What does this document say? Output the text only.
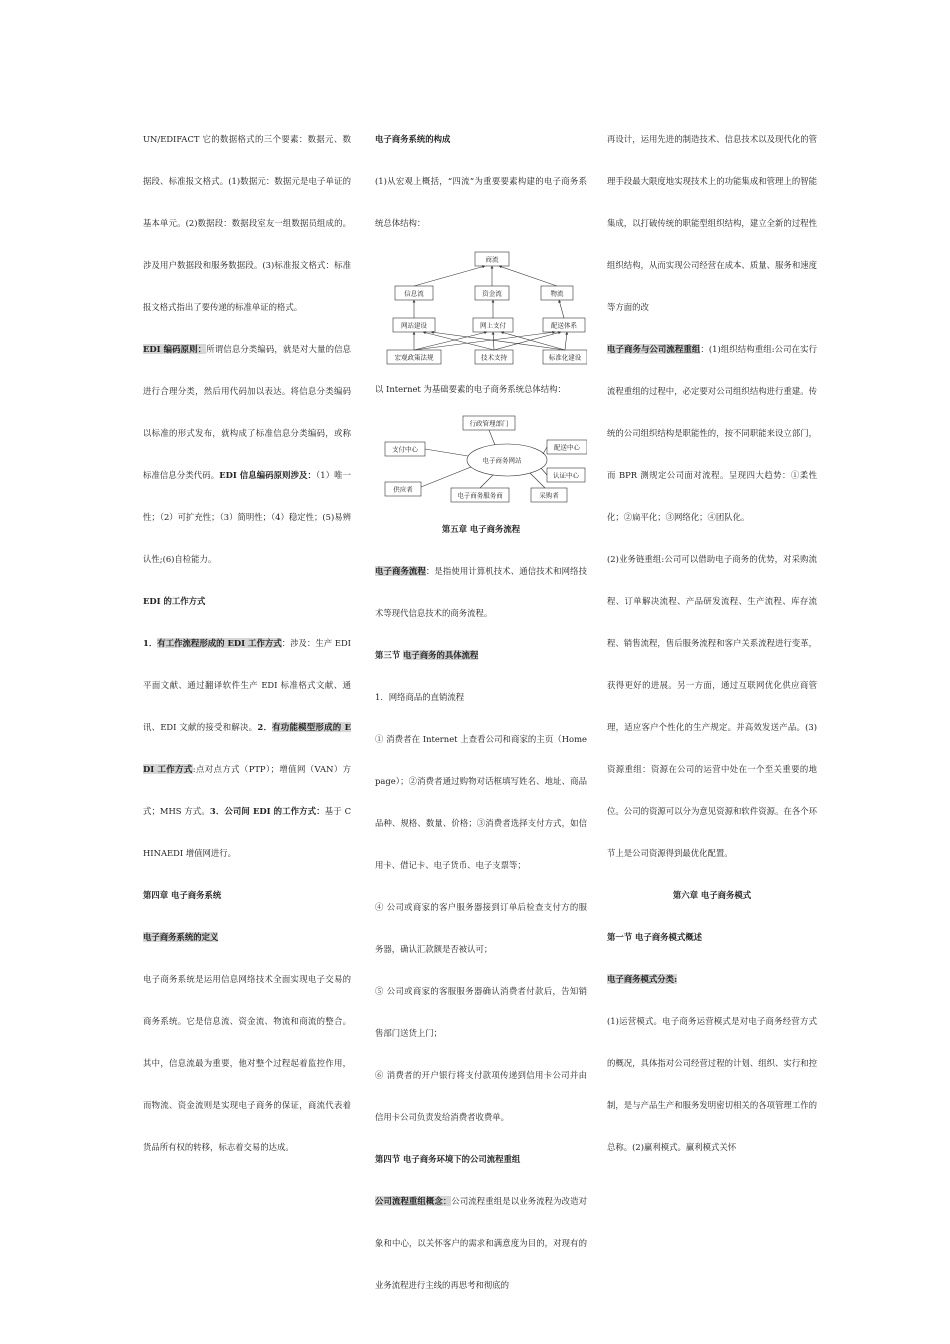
UN/EDIFACT 它的数据格式的三个要素：数据元、数据段、标准报文格式。(1)数据元：数据元是电子单证的基本单元。(2)数据段：数据段室友一组数据员组成的。涉及用户数据段和服务数据段。(3)标准报文格式：标准报文格式指出了要传递的标准单证的格式。

EDI 编码原则：所谓信息分类编码，就是对大量的信息进行合理分类，然后用代码加以表达。将信息分类编码以标准的形式发布，就构成了标准信息分类编码，或称标准信息分类代码。EDI 信息编码原则涉及：（1）唯一性；（2）可扩充性；（3）简明性；（4）稳定性；(5)易辨认性;(6)自检能力。

EDI 的工作方式

1．有工作流程形成的 EDI 工作方式：涉及：生产 EDI 平面文献、通过翻译软件生产 EDI 标准格式文献、通讯、EDI 文献的接受和解决。2．有功能模型形成的 EDI 工作方式:点对点方式（PTP）；增值网（VAN）方式；MHS 方式。3．公司间 EDI 的工作方式：基于 CHINAEDI 增值网进行。

第四章 电子商务系统

电子商务系统的定义

电子商务系统是运用信息网络技术全面实现电子交易的商务系统。它是信息流、资金流、物流和商流的整合。 其中，信息流最为重要，他对整个过程起着监控作用，而物流、资金流则是实现电子商务的保证，商流代表着货品所有权的转移，标志着交易的达成。

电子商务系统的构成

(1)从宏观上概括，“四流”为重要要素构建的电子商务系统总体结构：

商流
信息流	资金流	物流
网站建设	网上支付	配送体系
宏观政策法规	技术支持	标准化建设

以 Internet 为基础要素的电子商务系统总体结构：

电子商务网站
行政管理部门
支付中心
供应者
电子商务服务商	采购者
配送中心
认证中心

第五章 电子商务流程

电子商务流程：是指使用计算机技术、通信技术和网络技术等现代信息技术的商务流程。

第三节 电子商务的具体流程

1．网络商品的直销流程

① 消费者在 Internet 上查看公司和商家的主页（Homepage）；②消费者通过购物对话框填写姓名、地址、商品品种、规格、数量、价格；③消费者选择支付方式，如信用卡、借记卡、电子货币、电子支票等；

④ 公司或商家的客户服务器接到订单后检查支付方的服务器，确认汇款额是否被认可；

⑤ 公司或商家的客服服务器确认消费者付款后，告知销售部门送货上门；

⑥ 消费者的开户银行将支付款项传递到信用卡公司并由信用卡公司负责发给消费者收费单。

第四节 电子商务环境下的公司流程重组

公司流程重组概念：公司流程重组是以业务流程为改造对象和中心，以关怀客户的需求和满意度为目的，对现有的业务流程进行主线的再思考和彻底的

再设计，运用先进的制造技术、信息技术以及现代化的管理手段最大限度地实现技术上的功能集成和管理上的智能集成，以打破传统的职能型组织结构，建立全新的过程性组织结构，从而实现公司经营在成本、质量、服务和速度等方面的改

电子商务与公司流程重组：(1)组织结构重组:公司在实行流程重组的过程中，必定要对公司组织结构进行重建。传统的公司组织结构是职能性的，按不同职能来设立部门，而 BPR 测规定公司面对流程。呈现四大趋势：①柔性化；②扁平化；③网络化；④团队化。

(2)业务链重组:公司可以借助电子商务的优势，对采购流程、订单解决流程、产品研发流程、生产流程、库存流程、销售流程，售后服务流程和客户关系流程进行变革，获得更好的进展。另一方面，通过互联网优化供应商管理，适应客户个性化的生产规定。并高效发送产品。(3)资源重组：资源在公司的运营中处在一个至关重要的地位。公司的资源可以分为意见资源和软件资源。在各个环节上是公司资源得到最优化配置。

第六章 电子商务模式

第一节 电子商务模式概述

电子商务模式分类:

(1)运营模式。电子商务运营模式是对电子商务经营方式的概况，具体指对公司经营过程的计划、组织、实行和控制，是与产品生产和服务发明密切相关的各项管理工作的总称。(2)赢利模式。赢利模式关怀
